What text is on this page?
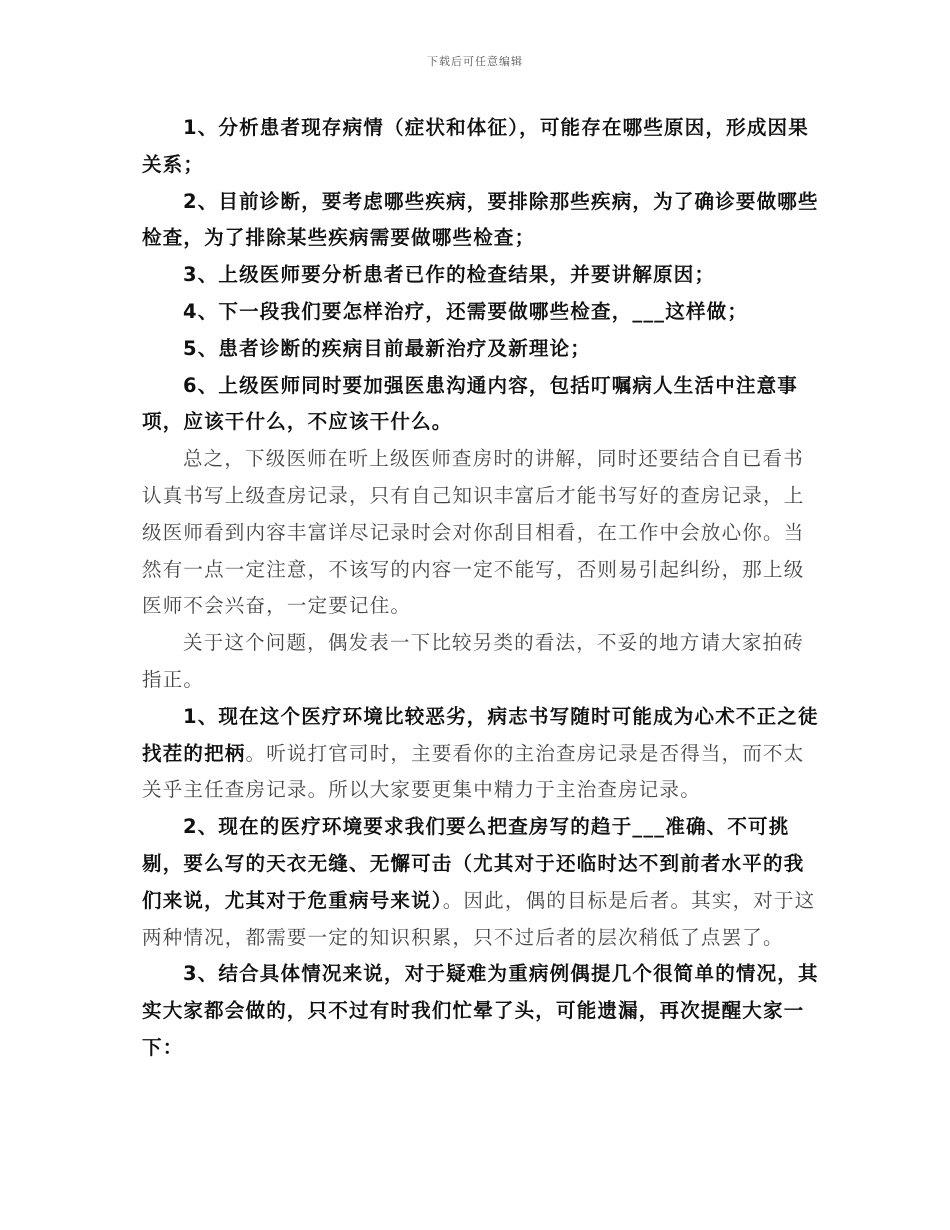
下载后可任意编辑

1、分析患者现存病情（症状和体征），可能存在哪些原因，形成因果关系；

2、目前诊断，要考虑哪些疾病，要排除那些疾病，为了确诊要做哪些检查，为了排除某些疾病需要做哪些检查；

3、上级医师要分析患者已作的检查结果，并要讲解原因；

4、下一段我们要怎样治疗，还需要做哪些检查，___这样做；

5、患者诊断的疾病目前最新治疗及新理论；

6、上级医师同时要加强医患沟通内容，包括叮嘱病人生活中注意事项，应该干什么，不应该干什么。

总之，下级医师在听上级医师查房时的讲解，同时还要结合自已看书认真书写上级查房记录，只有自己知识丰富后才能书写好的查房记录，上级医师看到内容丰富详尽记录时会对你刮目相看，在工作中会放心你。当然有一点一定注意，不该写的内容一定不能写，否则易引起纠纷，那上级医师不会兴奋，一定要记住。

关于这个问题，偶发表一下比较另类的看法，不妥的地方请大家拍砖指正。

1、现在这个医疗环境比较恶劣，病志书写随时可能成为心术不正之徒找茬的把柄。听说打官司时，主要看你的主治查房记录是否得当，而不太关乎主任查房记录。所以大家要更集中精力于主治查房记录。

2、现在的医疗环境要求我们要么把查房写的趋于___准确、不可挑剔，要么写的天衣无缝、无懈可击（尤其对于还临时达不到前者水平的我们来说，尤其对于危重病号来说）。因此，偶的目标是后者。其实，对于这两种情况，都需要一定的知识积累，只不过后者的层次稍低了点罢了。

3、结合具体情况来说，对于疑难为重病例偶提几个很简单的情况，其实大家都会做的，只不过有时我们忙晕了头，可能遗漏，再次提醒大家一下：
